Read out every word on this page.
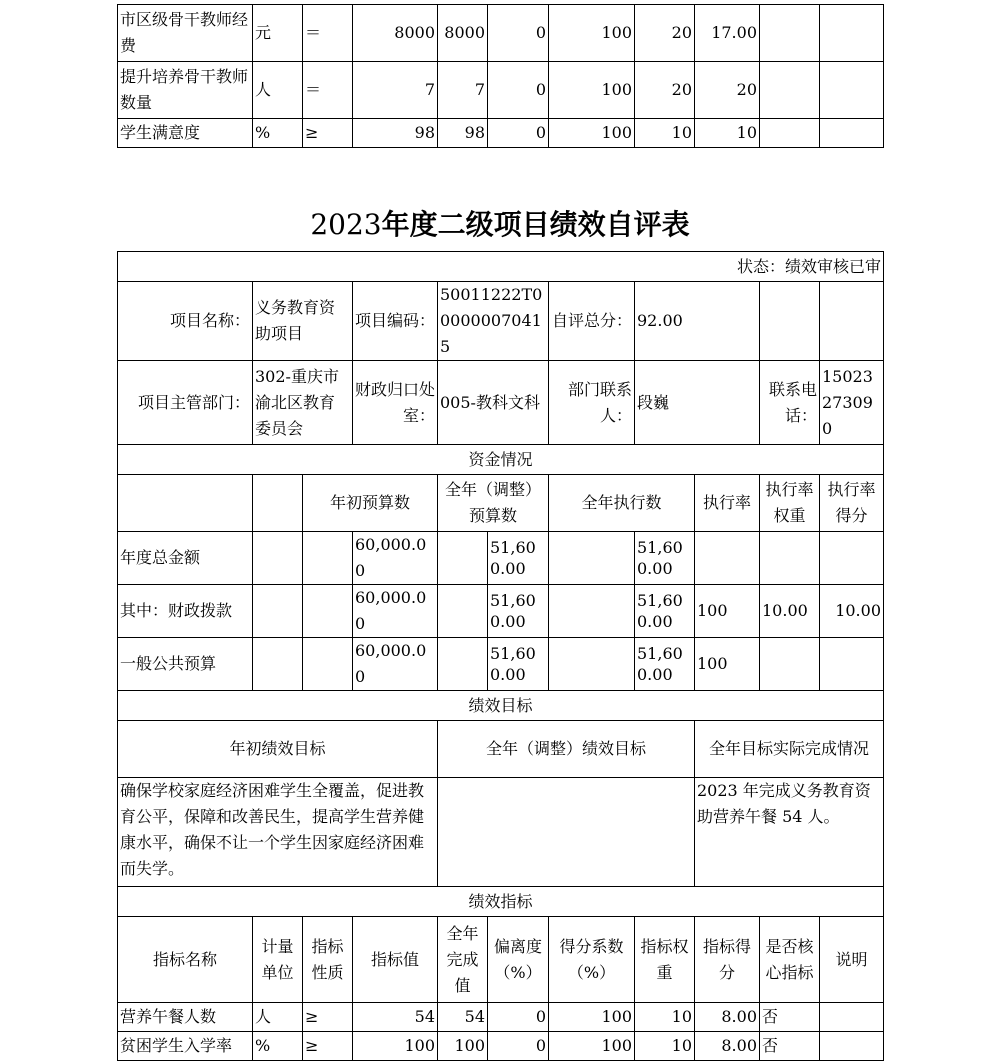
市区级骨干教师经费	元	＝	8000	8000	0	100	20	17.00		
提升培养骨干教师数量	人	＝	7	7	0	100	20	20		
学生满意度	%	≥	98	98	0	100	10	10		
2023年度二级项目绩效自评表
状态：绩效审核已审										
项目名称：	义务教育资助项目		项目编码：	50011222T000000070415		自评总分：	92.00			
项目主管部门：	302-重庆市渝北区教育委员会		财政归口处室：	005-教科文科		部门联系人：	段巍		联系电话：	15023273090
资金情况										
		年初预算数		全年（调整）预算数		全年执行数		执行率	执行率权重	执行率得分
年度总金额			60,000.00		51,600.00		51,600.00			
其中：财政拨款			60,000.00		51,600.00		51,600.00	100	10.00	10.00
一般公共预算			60,000.00		51,600.00		51,600.00	100		
绩效目标										
年初绩效目标				全年（调整）绩效目标				全年目标实际完成情况		
确保学校家庭经济困难学生全覆盖，促进教育公平，保障和改善民生，提高学生营养健康水平，确保不让一个学生因家庭经济困难而失学。								2023 年完成义务教育资助营养午餐 54 人。		
绩效指标										
指标名称	计量单位	指标性质	指标值	全年完成值	偏离度（%）	得分系数（%）	指标权重	指标得分	是否核心指标	说明
营养午餐人数	人	≥	54	54	0	100	10	8.00	否	
贫困学生入学率	%	≥	100	100	0	100	10	8.00	否	
